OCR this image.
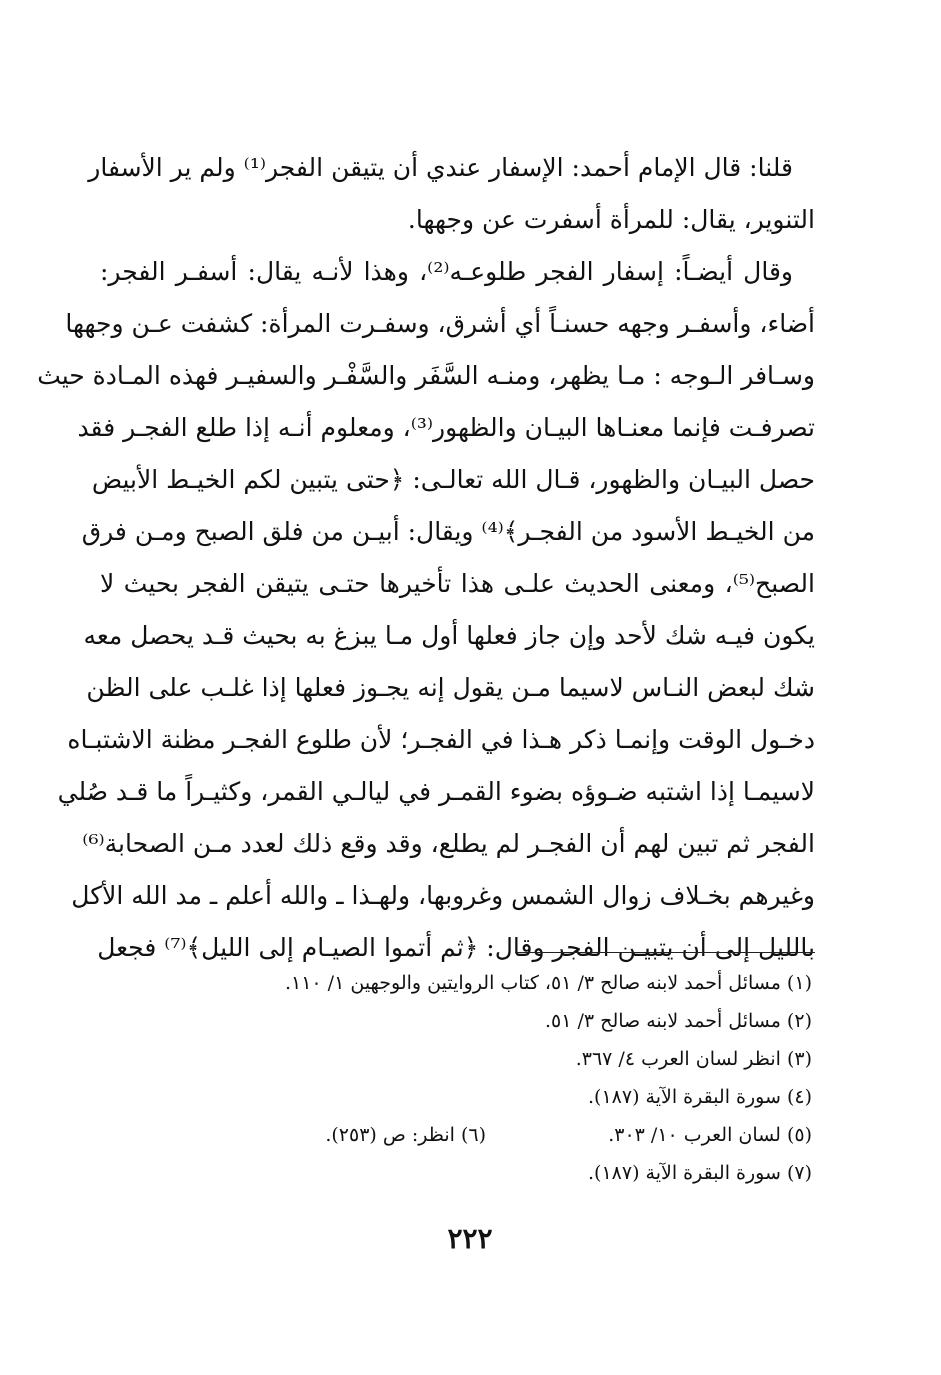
قلنا: قال الإمام أحمد: الإسفار عندي أن يتيقن الفجر⁽¹⁾ ولم ير الأسفار
التنوير، يقال: للمرأة أسفرت عن وجهها.
وقال أيضـاً: إسفار الفجر طلوعـه⁽²⁾، وهذا لأنـه يقال: أسفـر الفجر:
أضاء، وأسفـر وجهه حسنـاً أي أشرق، وسفـرت المرأة: كشفت عـن وجهها
وسـافر الـوجه : مـا يظهر، ومنـه السَّفَر والسَّفْـر والسفيـر فهذه المـادة حيث
تصرفـت فإنما معنـاها البيـان والظهور⁽³⁾، ومعلوم أنـه إذا طلع الفجـر فقد
حصل البيـان والظهور، قـال الله تعالـى: ﴿حتى يتبين لكم الخيـط الأبيض
من الخيـط الأسود من الفجـر﴾⁽⁴⁾ ويقال: أبيـن من فلق الصبح ومـن فرق
الصبح⁽⁵⁾، ومعنى الحديث علـى هذا تأخيرها حتـى يتيقن الفجر بحيث لا
يكون فيـه شك لأحد وإن جاز فعلها أول مـا يبزغ به بحيث قـد يحصل معه
شك لبعض النـاس لاسيما مـن يقول إنه يجـوز فعلها إذا غلـب على الظن
دخـول الوقت وإنمـا ذكر هـذا في الفجـر؛ لأن طلوع الفجـر مظنة الاشتبـاه
لاسيمـا إذا اشتبه ضـوؤه بضوء القمـر في ليالـي القمر، وكثيـراً ما قـد صُلي
الفجر ثم تبين لهم أن الفجـر لم يطلع، وقد وقع ذلك لعدد مـن الصحابة⁽⁶⁾
وغيرهم بخـلاف زوال الشمس وغروبها، ولهـذا ـ والله أعلم ـ مد الله الأكل
بالليل إلى أن يتبيـن الفجر وقال: ﴿ثم أتموا الصيـام إلى الليل﴾⁽⁷⁾ فجعل
(١) مسائل أحمد لابنه صالح ٣/ ٥١، كتاب الروايتين والوجهين ١/ ١١٠.
(٢) مسائل أحمد لابنه صالح ٣/ ٥١.
(٣) انظر لسان العرب ٤/ ٣٦٧.
(٤) سورة البقرة الآية (١٨٧).
(٥) لسان العرب ١٠/ ٣٠٣.
(٦) انظر: ص (٢٥٣).
(٧) سورة البقرة الآية (١٨٧).
٢٢٢
